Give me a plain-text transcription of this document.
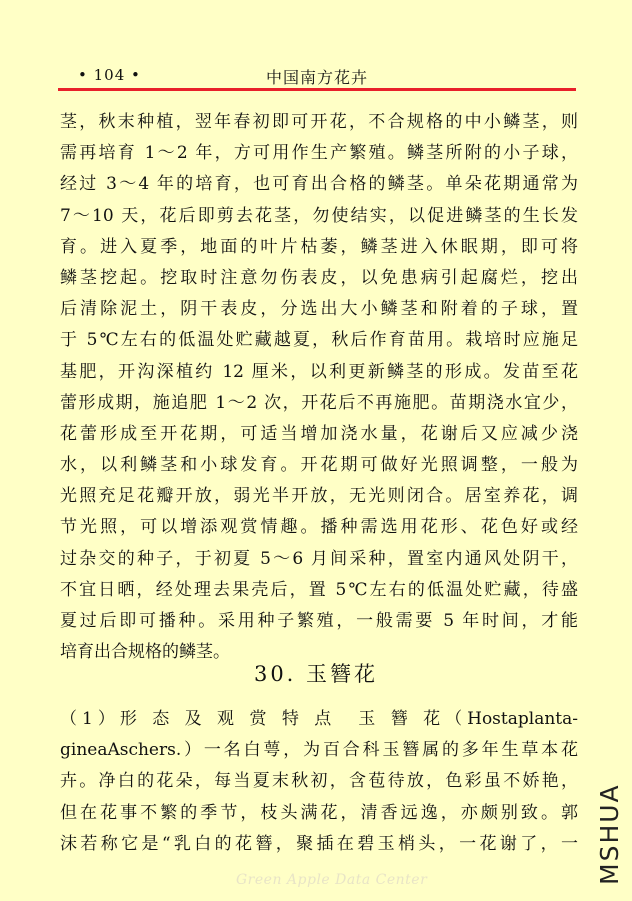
• 104 •	中国南方花卉
茎，秋末种植，翌年春初即可开花，不合规格的中小鳞茎，则
需再培育 1～2 年，方可用作生产繁殖。鳞茎所附的小子球，
经过 3～4 年的培育，也可育出合格的鳞茎。单朵花期通常为
7～10 天，花后即剪去花茎，勿使结实，以促进鳞茎的生长发
育。进入夏季，地面的叶片枯萎，鳞茎进入休眠期，即可将
鳞茎挖起。挖取时注意勿伤表皮，以免患病引起腐烂，挖出
后清除泥土，阴干表皮，分选出大小鳞茎和附着的子球，置
于 5℃左右的低温处贮藏越夏，秋后作育苗用。栽培时应施足
基肥，开沟深植约 12 厘米，以利更新鳞茎的形成。发苗至花
蕾形成期，施追肥 1～2 次，开花后不再施肥。苗期浇水宜少，
花蕾形成至开花期，可适当增加浇水量，花谢后又应减少浇
水，以利鳞茎和小球发育。开花期可做好光照调整，一般为
光照充足花瓣开放，弱光半开放，无光则闭合。居室养花，调
节光照，可以增添观赏情趣。播种需选用花形、花色好或经
过杂交的种子，于初夏 5～6 月间采种，置室内通风处阴干，
不宜日晒，经处理去果壳后，置 5℃左右的低温处贮藏，待盛
夏过后即可播种。采用种子繁殖，一般需要 5 年时间，才能
培育出合规格的鳞茎。
30. 玉簪花
（1）形 态 及 观 赏 特 点　玉 簪 花（Hostaplanta-
gineaAschers.）一名白萼，为百合科玉簪属的多年生草本花
卉。净白的花朵，每当夏末秋初，含苞待放，色彩虽不娇艳，
但在花事不繁的季节，枝头满花，清香远逸，亦颇别致。郭
沫若称它是“乳白的花簪，聚插在碧玉梢头，一花谢了，一
Green Apple Data Center	MSHUA
